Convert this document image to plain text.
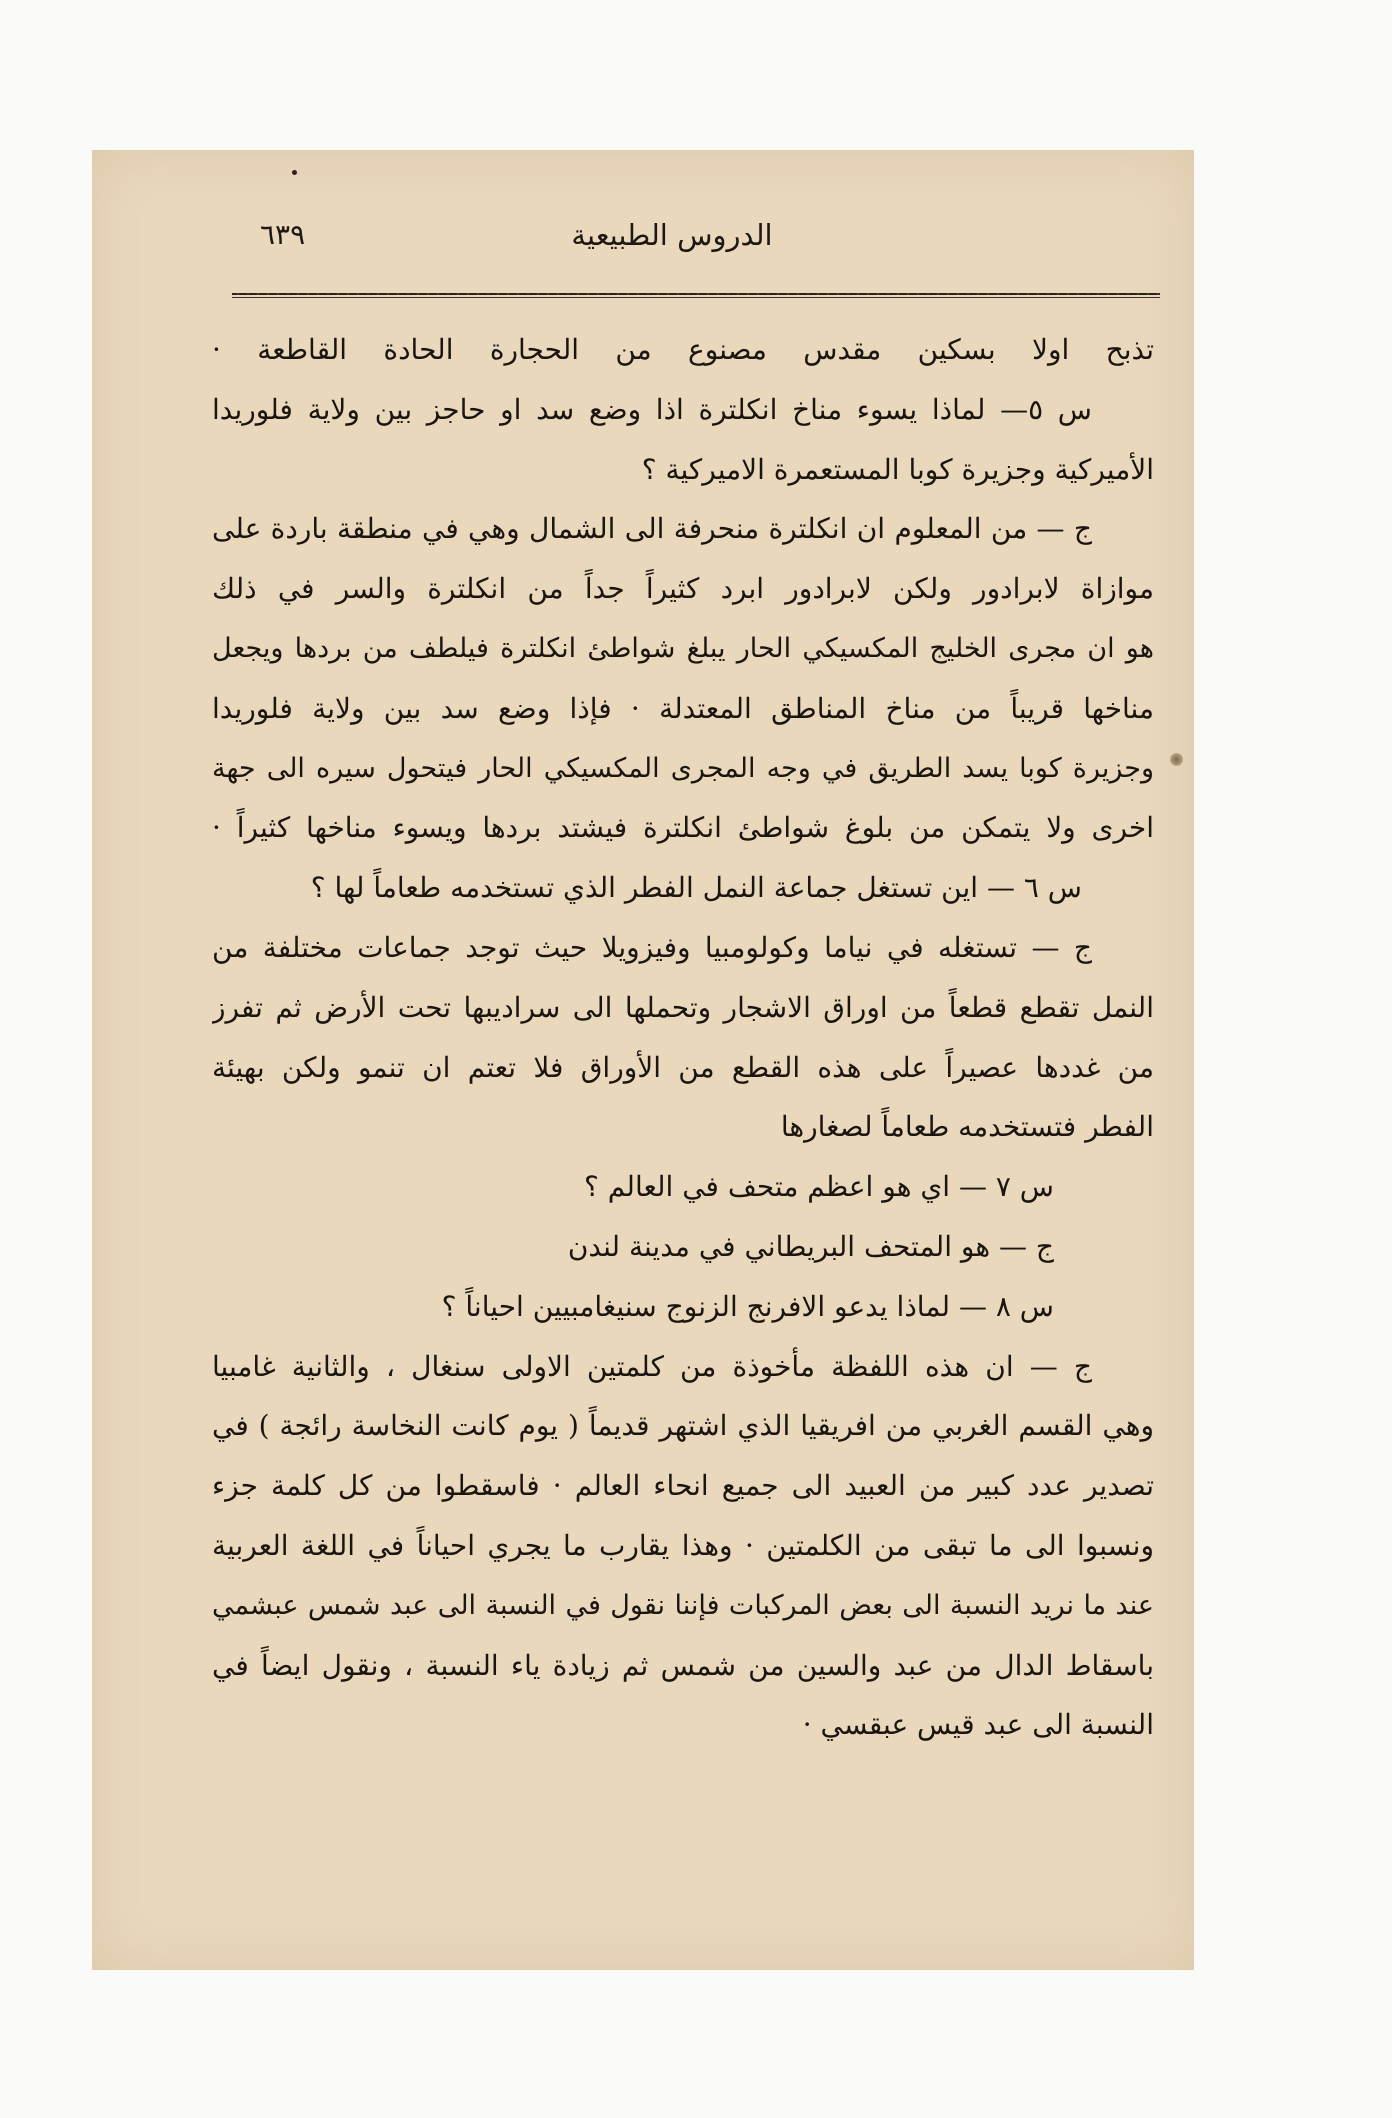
الدروس الطبيعية
٦٣٩
تذبح اولا بسكين مقدس مصنوع من الحجارة الحادة القاطعة ·
س ٥— لماذا يسوء مناخ انكلترة اذا وضع سد او حاجز بين ولاية فلوريدا
الأميركية وجزيرة كوبا المستعمرة الاميركية ؟
ج — من المعلوم ان انكلترة منحرفة الى الشمال وهي في منطقة باردة على
موازاة لابرادور ولكن لابرادور ابرد كثيراً جداً من انكلترة والسر في ذلك
هو ان مجرى الخليج المكسيكي الحار يبلغ شواطئ انكلترة فيلطف من بردها ويجعل
مناخها قريباً من مناخ المناطق المعتدلة · فإذا وضع سد بين ولاية فلوريدا
وجزيرة كوبا يسد الطريق في وجه المجرى المكسيكي الحار فيتحول سيره الى جهة
اخرى ولا يتمكن من بلوغ شواطئ انكلترة فيشتد بردها ويسوء مناخها كثيراً ·
س ٦ — اين تستغل جماعة النمل الفطر الذي تستخدمه طعاماً لها ؟
ج — تستغله في نياما وكولومبيا وفيزويلا حيث توجد جماعات مختلفة من
النمل تقطع قطعاً من اوراق الاشجار وتحملها الى سراديبها تحت الأرض ثم تفرز
من غددها عصيراً على هذه القطع من الأوراق فلا تعتم ان تنمو ولكن بهيئة
الفطر فتستخدمه طعاماً لصغارها
س ٧ — اي هو اعظم متحف في العالم ؟
ج — هو المتحف البريطاني في مدينة لندن
س ٨ — لماذا يدعو الافرنج الزنوج سنيغامبيين احياناً ؟
ج — ان هذه اللفظة مأخوذة من كلمتين الاولى سنغال ، والثانية غامبيا
وهي القسم الغربي من افريقيا الذي اشتهر قديماً ( يوم كانت النخاسة رائجة ) في
تصدير عدد كبير من العبيد الى جميع انحاء العالم · فاسقطوا من كل كلمة جزء
ونسبوا الى ما تبقى من الكلمتين · وهذا يقارب ما يجري احياناً في اللغة العربية
عند ما نريد النسبة الى بعض المركبات فإننا نقول في النسبة الى عبد شمس عبشمي
باسقاط الدال من عبد والسين من شمس ثم زيادة ياء النسبة ، ونقول ايضاً في
النسبة الى عبد قيس عبقسي ·
